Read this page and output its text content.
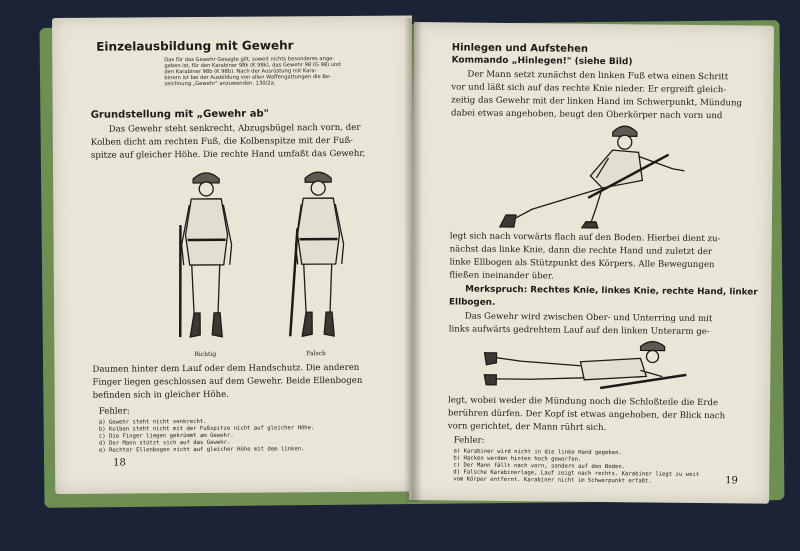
Einzelausbildung mit Gewehr
Das für das Gewehr Gesagte gilt, soweit nichts besonderes ange-
geben ist, für den Karabiner 98k (K 98k), das Gewehr 98 (G 98) und
den Karabiner 98b (K 98b). Nach der Ausrüstung mit Kara-
binern ist bei der Ausbildung von allen Waffengattungen die Be-
zeichnung „Gewehr" anzuwenden. 130/2a.
Grundstellung mit „Gewehr ab"
Das Gewehr steht senkrecht, Abzugsbügel nach vorn, der
Kolben dicht am rechten Fuß, die Kolbenspitze mit der Fuß-
spitze auf gleicher Höhe. Die rechte Hand umfaßt das Gewehr,
Richtig	Falsch
Daumen hinter dem Lauf oder dem Handschutz. Die anderen
Finger liegen geschlossen auf dem Gewehr. Beide Ellenbogen
befinden sich in gleicher Höhe.
Fehler:
a) Gewehr steht nicht senkrecht.
b) Kolben steht nicht mit der Fußspitze nicht auf gleicher Höhe.
c) Die Finger liegen gekrümmt am Gewehr.
d) Der Mann stützt sich auf das Gewehr.
e) Rechter Ellenbogen nicht auf gleicher Höhe mit dem linken.
18
Hinlegen und Aufstehen
Kommando „Hinlegen!" (siehe Bild)
Der Mann setzt zunächst den linken Fuß etwa einen Schritt
vor und läßt sich auf das rechte Knie nieder. Er ergreift gleich-
zeitig das Gewehr mit der linken Hand im Schwerpunkt, Mündung
dabei etwas angehoben, beugt den Oberkörper nach vorn und
legt sich nach vorwärts flach auf den Boden. Hierbei dient zu-
nächst das linke Knie, dann die rechte Hand und zuletzt der
linke Ellbogen als Stützpunkt des Körpers. Alle Bewegungen
fließen ineinander über.
Merkspruch: Rechtes Knie, linkes Knie, rechte Hand, linker
Ellbogen.
Das Gewehr wird zwischen Ober- und Unterring und mit
links aufwärts gedrehtem Lauf auf den linken Unterarm ge-
legt, wobei weder die Mündung noch die Schloßteile die Erde
berühren dürfen. Der Kopf ist etwas angehoben, der Blick nach
vorn gerichtet, der Mann rührt sich.
Fehler:
a) Karabiner wird nicht in die linke Hand gegeben.
b) Hacken werden hinten hoch geworfen.
c) Der Mann fällt nach vorn, sondern auf den Boden.
d) Falsche Karabinerlage, Lauf zeigt nach rechts. Karabiner liegt zu weit
vom Körper entfernt. Karabiner nicht im Schwerpunkt erfaßt.	19
